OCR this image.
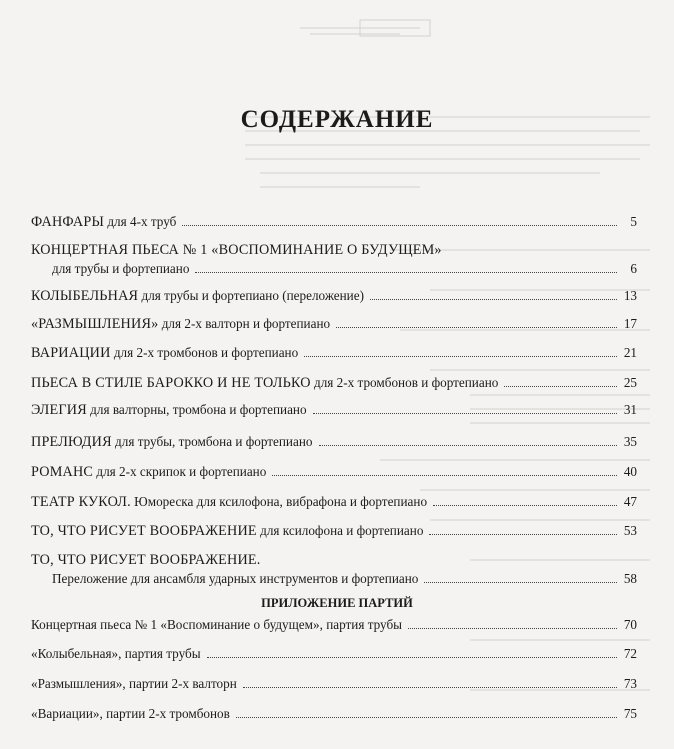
СОДЕРЖАНИЕ
ФАНФАРЫ для 4-х труб	5
КОНЦЕРТНАЯ ПЬЕСА № 1 «ВОСПОМИНАНИЕ О БУДУЩЕМ»
для трубы и фортепиано	6
КОЛЫБЕЛЬНАЯ для трубы и фортепиано (переложение)	13
«РАЗМЫШЛЕНИЯ» для 2-х валторн и фортепиано	17
ВАРИАЦИИ для 2-х тромбонов и фортепиано	21
ПЬЕСА В СТИЛЕ БАРОККО И НЕ ТОЛЬКО для 2-х тромбонов и фортепиано	25
ЭЛЕГИЯ для валторны, тромбона и фортепиано	31
ПРЕЛЮДИЯ для трубы, тромбона и фортепиано	35
РОМАНС для 2-х скрипок и фортепиано	40
ТЕАТР КУКОЛ. Юмореска для ксилофона, вибрафона и фортепиано	47
ТО, ЧТО РИСУЕТ ВООБРАЖЕНИЕ для ксилофона и фортепиано	53
ТО, ЧТО РИСУЕТ ВООБРАЖЕНИЕ.
Переложение для ансамбля ударных инструментов и фортепиано	58
ПРИЛОЖЕНИЕ ПАРТИЙ
Концертная пьеса № 1 «Воспоминание о будущем», партия трубы	70
«Колыбельная», партия трубы	72
«Размышления», партии 2-х валторн	73
«Вариации», партии 2-х тромбонов	75
